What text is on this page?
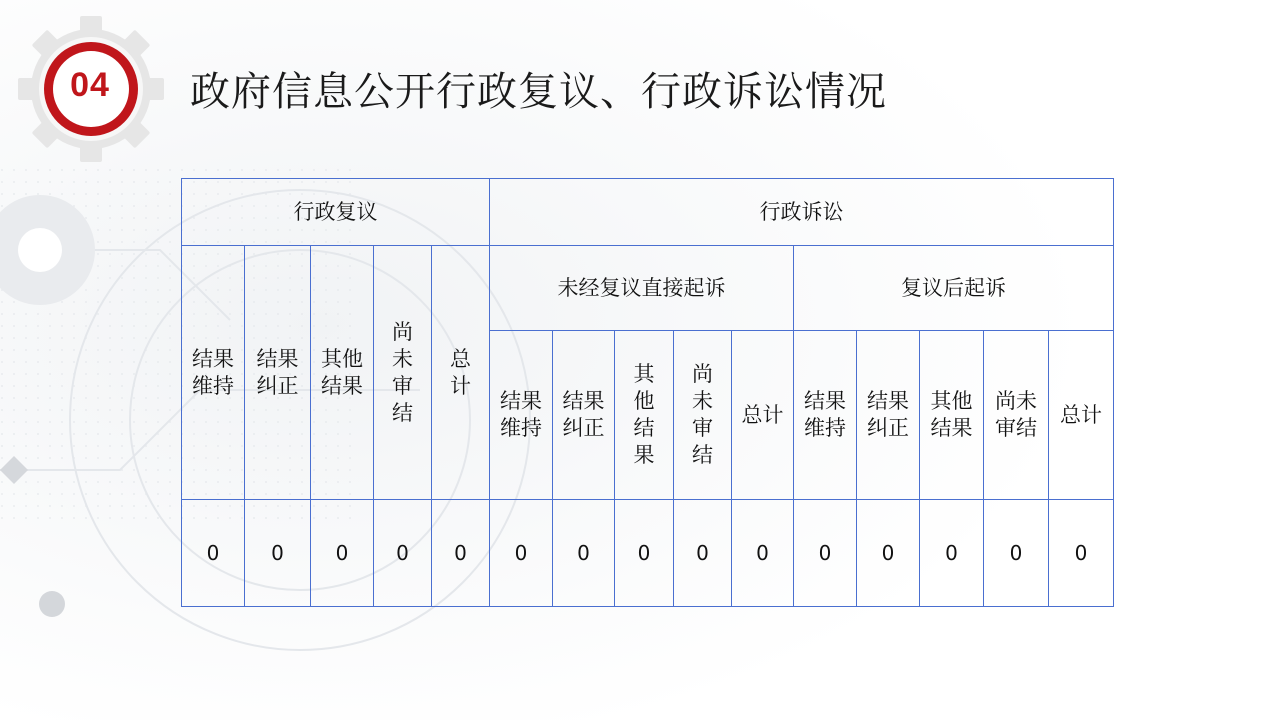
04	政府信息公开行政复议、行政诉讼情况
行政复议					行政诉讼									
结果维持	结果纠正	其他结果	尚未审结	总计	未经复议直接起诉					复议后起诉				
					结果维持	结果纠正	其他结果	尚未审结	总计	结果维持	结果纠正	其他结果	尚未审结	总计
0	0	0	0	0	0	0	0	0	0	0	0	0	0	0
